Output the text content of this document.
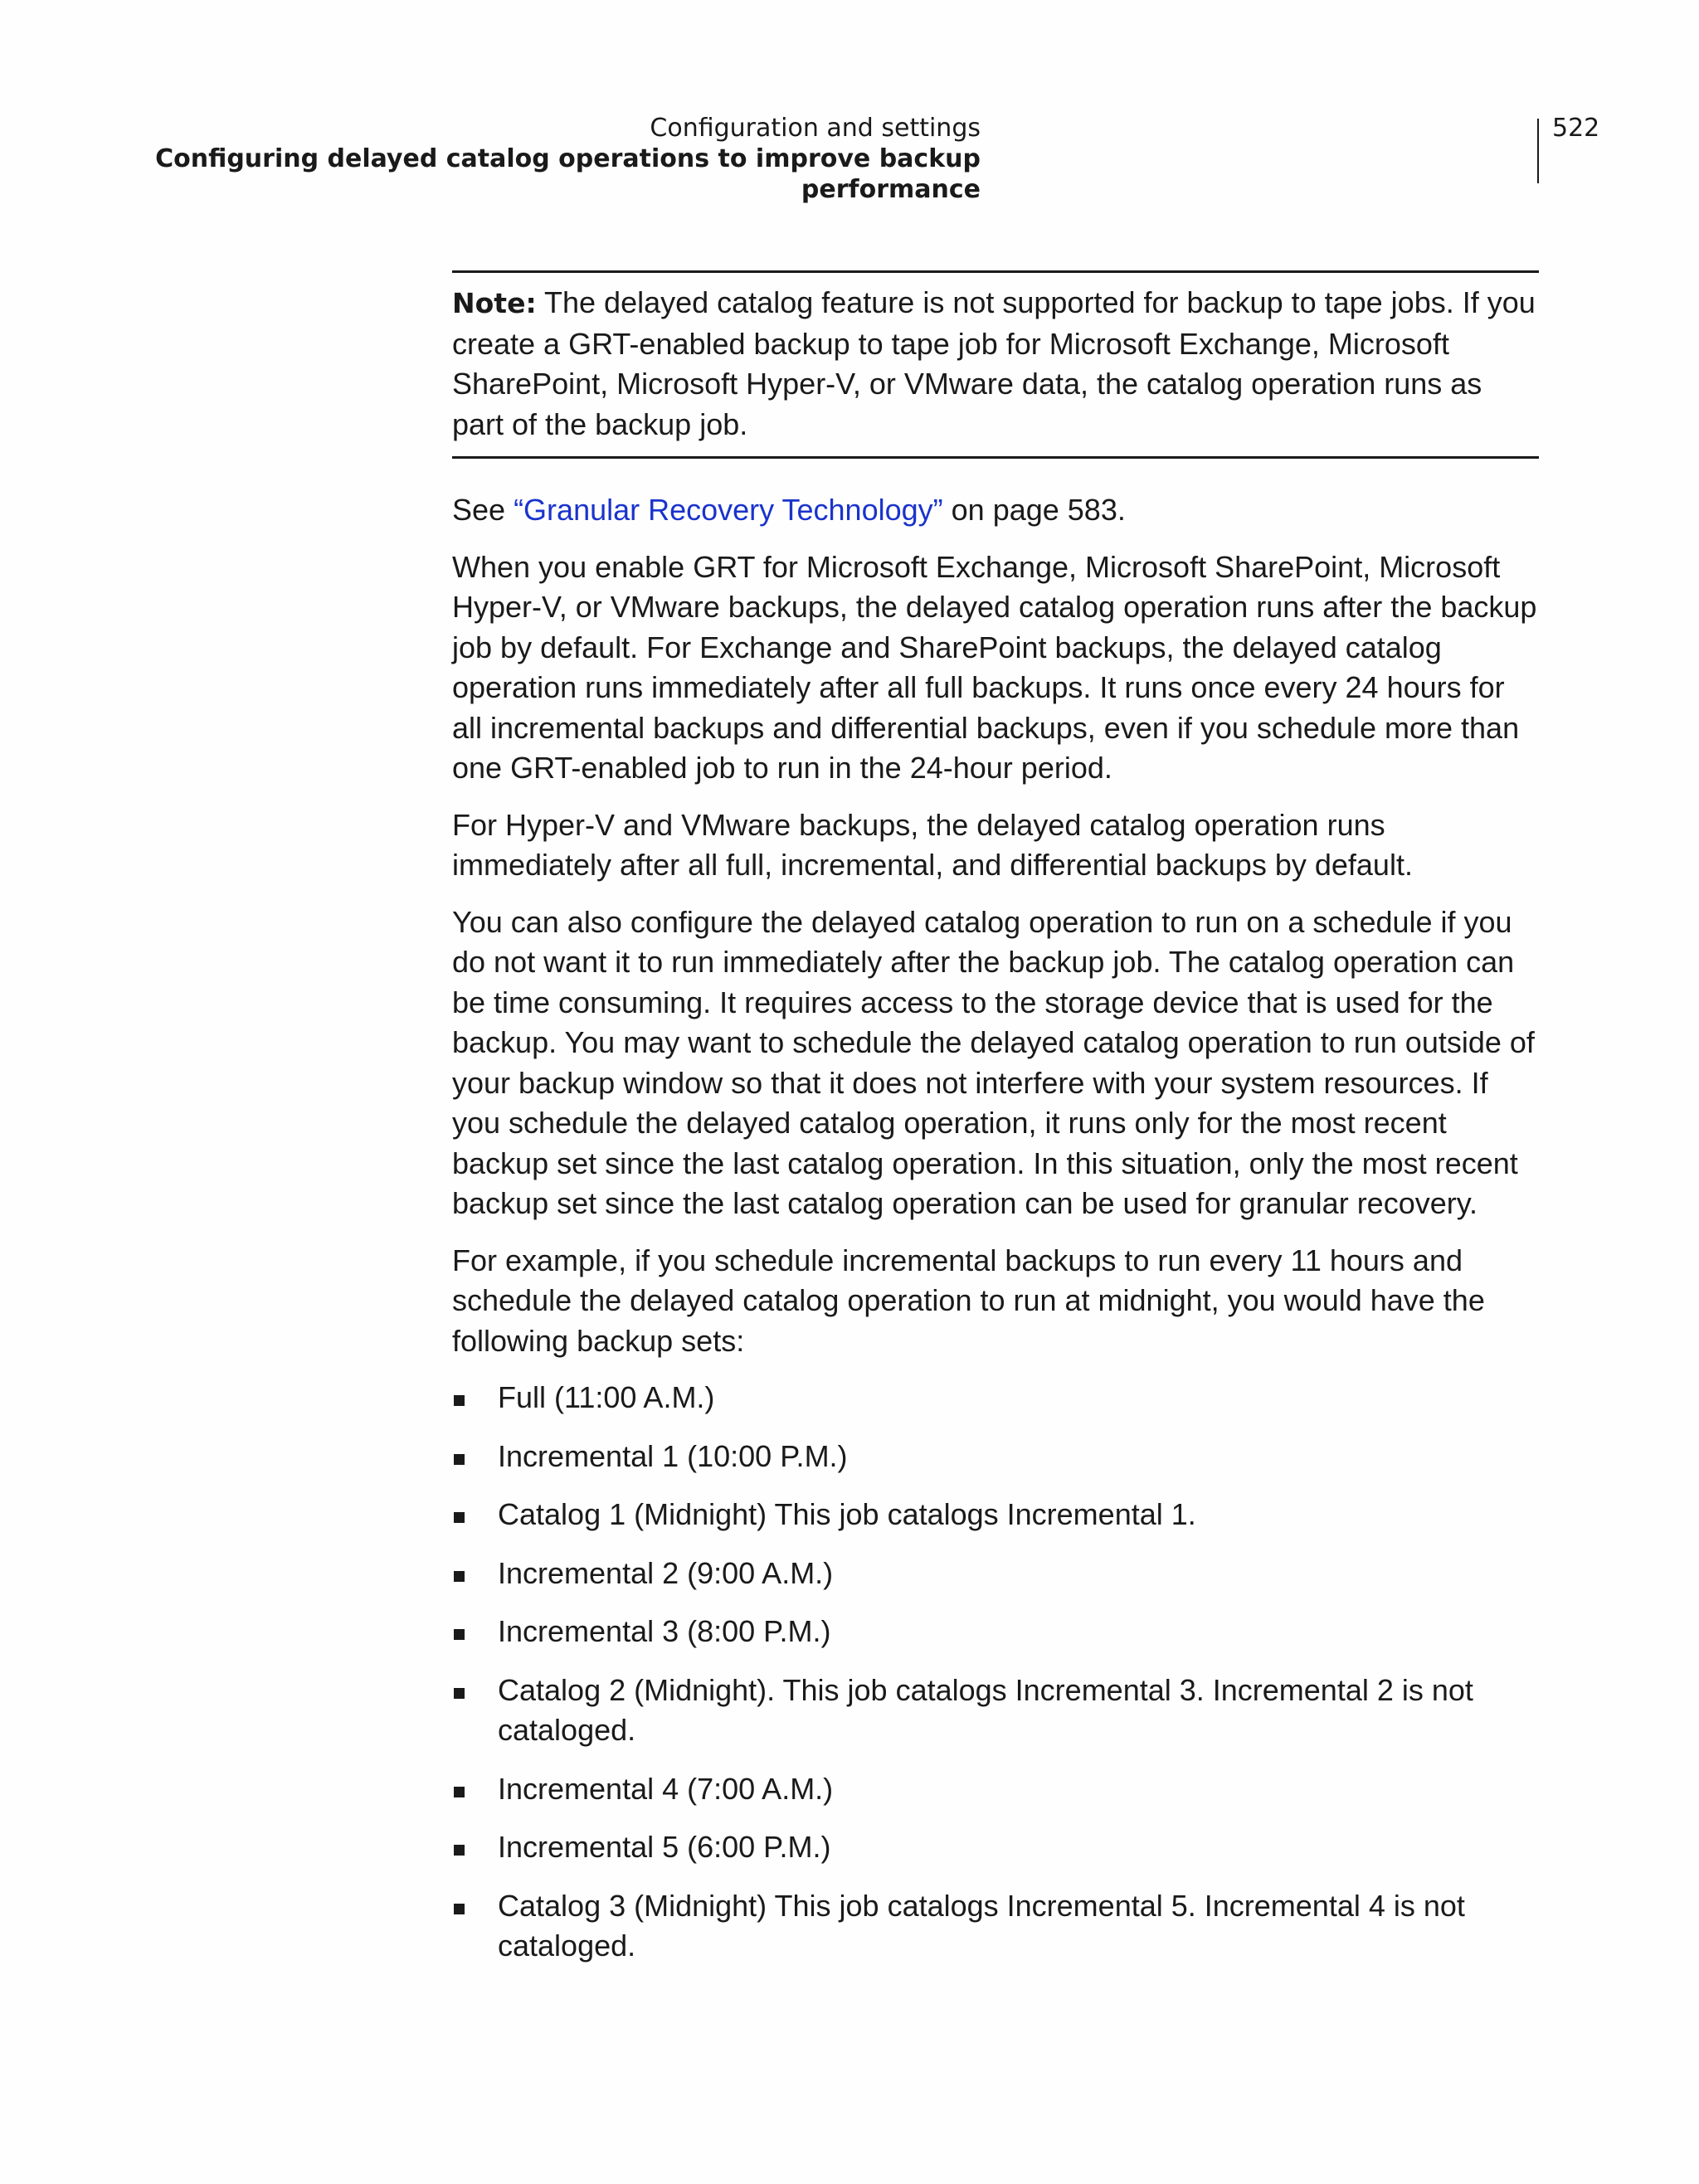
Configuration and settings
Configuring delayed catalog operations to improve backup performance
522

Note: The delayed catalog feature is not supported for backup to tape jobs. If you create a GRT-enabled backup to tape job for Microsoft Exchange, Microsoft SharePoint, Microsoft Hyper-V, or VMware data, the catalog operation runs as part of the backup job.

See “Granular Recovery Technology” on page 583.

When you enable GRT for Microsoft Exchange, Microsoft SharePoint, Microsoft Hyper-V, or VMware backups, the delayed catalog operation runs after the backup job by default. For Exchange and SharePoint backups, the delayed catalog operation runs immediately after all full backups. It runs once every 24 hours for all incremental backups and differential backups, even if you schedule more than one GRT-enabled job to run in the 24-hour period.

For Hyper-V and VMware backups, the delayed catalog operation runs immediately after all full, incremental, and differential backups by default.

You can also configure the delayed catalog operation to run on a schedule if you do not want it to run immediately after the backup job. The catalog operation can be time consuming. It requires access to the storage device that is used for the backup. You may want to schedule the delayed catalog operation to run outside of your backup window so that it does not interfere with your system resources. If you schedule the delayed catalog operation, it runs only for the most recent backup set since the last catalog operation. In this situation, only the most recent backup set since the last catalog operation can be used for granular recovery.

For example, if you schedule incremental backups to run every 11 hours and schedule the delayed catalog operation to run at midnight, you would have the following backup sets:

Full (11:00 A.M.)
Incremental 1 (10:00 P.M.)
Catalog 1 (Midnight) This job catalogs Incremental 1.
Incremental 2 (9:00 A.M.)
Incremental 3 (8:00 P.M.)
Catalog 2 (Midnight). This job catalogs Incremental 3. Incremental 2 is not cataloged.
Incremental 4 (7:00 A.M.)
Incremental 5 (6:00 P.M.)
Catalog 3 (Midnight) This job catalogs Incremental 5. Incremental 4 is not cataloged.
